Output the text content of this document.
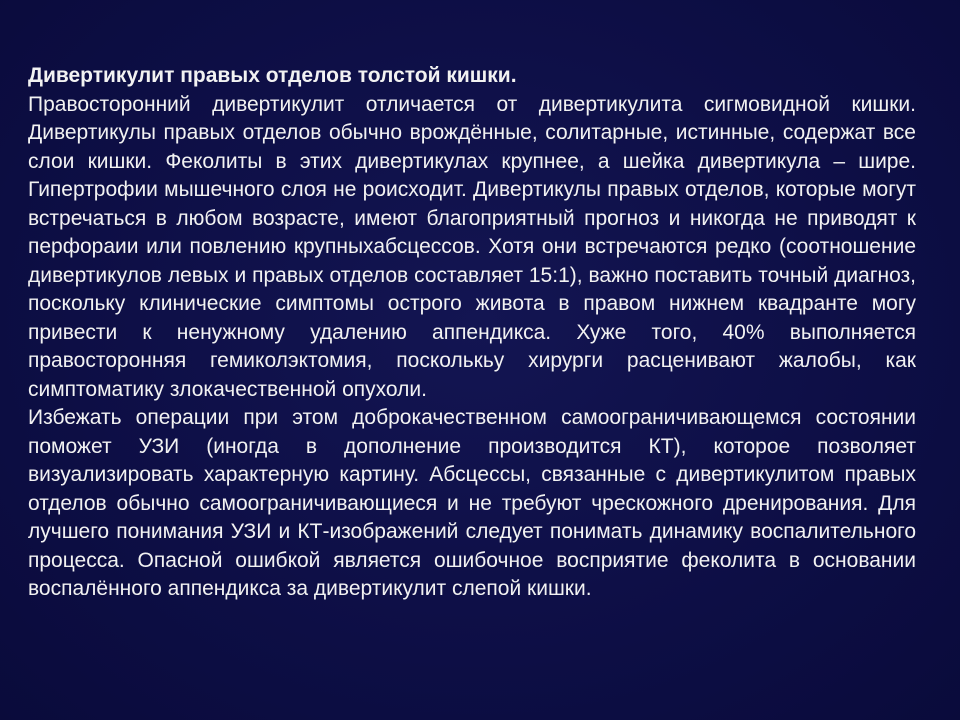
Дивертикулит правых отделов толстой кишки.

Правосторонний дивертикулит отличается от дивертикулита сигмовидной кишки. Дивертикулы правых отделов обычно врождённые, солитарные, истинные, содержат все слои кишки. Феколиты в этих дивертикулах крупнее, а шейка дивертикула – шире. Гипертрофии мышечного слоя не роисходит. Дивертикулы правых отделов, которые могут встречаться в любом возрасте, имеют благоприятный прогноз и никогда не приводят к перфораии или повлению крупныхабсцессов. Хотя они встречаются редко (соотношение дивертикулов левых и правых отделов составляет 15:1), важно поставить точный диагноз, поскольку клинические симптомы острого живота в правом нижнем квадранте могу привести к ненужному удалению аппендикса. Хуже того, 40% выполняется правосторонняя гемиколэктомия, посколькьу хирурги расценивают жалобы, как симптоматику злокачественной опухоли.

Избежать операции при этом доброкачественном самоограничивающемся состоянии поможет УЗИ (иногда в дополнение производится КТ), которое позволяет визуализировать характерную картину. Абсцессы, связанные с дивертикулитом правых отделов обычно самоограничивающиеся и не требуют чрескожного дренирования. Для лучшего понимания УЗИ и КТ-изображений следует понимать динамику воспалительного процесса. Опасной ошибкой является ошибочное восприятие феколита в основании воспалённого аппендикса за дивертикулит слепой кишки.
